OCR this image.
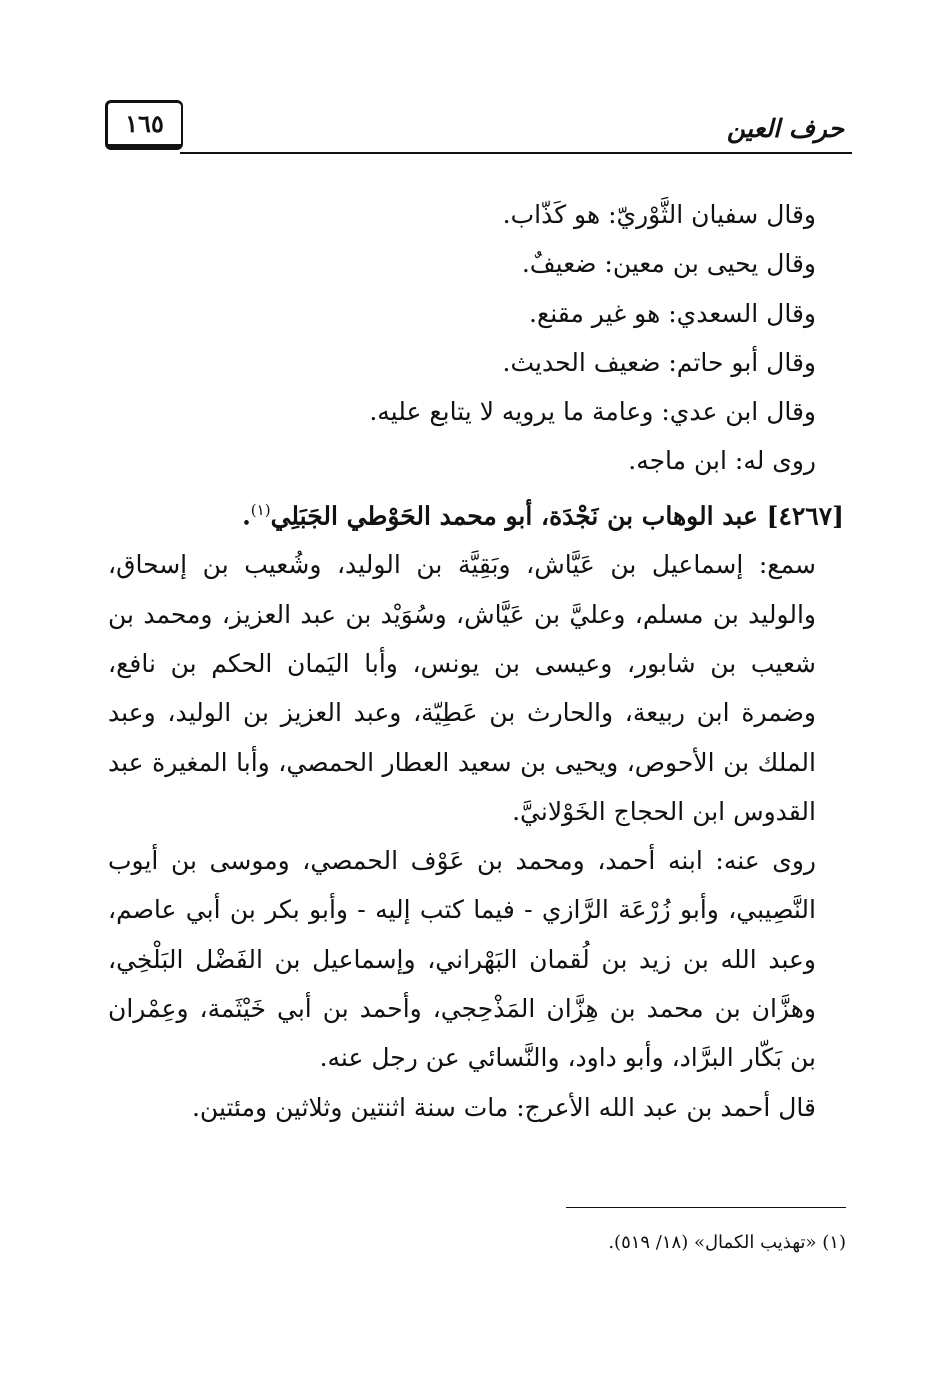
١٦٥	حرف العين

وقال سفيان الثَّوْريّ: هو كَذّاب.

وقال يحيى بن معين: ضعيفٌ.

وقال السعدي: هو غير مقنع.

وقال أبو حاتم: ضعيف الحديث.

وقال ابن عدي: وعامة ما يرويه لا يتابع عليه.

روى له: ابن ماجه.

[٤٢٦٧] عبد الوهاب بن نَجْدَة، أبو محمد الحَوْطي الجَبَلِي$^{(١)}$.

سمع: إسماعيل بن عَيَّاش، وبَقِيَّة بن الوليد، وشُعيب بن إسحاق، والوليد بن مسلم، وعليَّ بن عَيَّاش، وسُوَيْد بن عبد العزيز، ومحمد بن شعيب بن شابور، وعيسى بن يونس، وأبا اليَمان الحكم بن نافع، وضمرة ابن ربيعة، والحارث بن عَطِيّة، وعبد العزيز بن الوليد، وعبد الملك بن الأحوص، ويحيى بن سعيد العطار الحمصي، وأبا المغيرة عبد القدوس ابن الحجاج الخَوْلانيَّ.

روى عنه: ابنه أحمد، ومحمد بن عَوْف الحمصي، وموسى بن أيوب النَّصِيبي، وأبو زُرْعَة الرَّازي - فيما كتب إليه - وأبو بكر بن أبي عاصم، وعبد الله بن زيد بن لُقمان البَهْراني، وإسماعيل بن الفَضْل البَلْخِي، وهزَّان بن محمد بن هِزَّان المَذْحِجي، وأحمد بن أبي خَيْثَمة، وعِمْران بن بَكّار البرَّاد، وأبو داود، والنَّسائي عن رجل عنه.

قال أحمد بن عبد الله الأعرج: مات سنة اثنتين وثلاثين ومئتين.

(١) «تهذيب الكمال» (١٨/ ٥١٩).
